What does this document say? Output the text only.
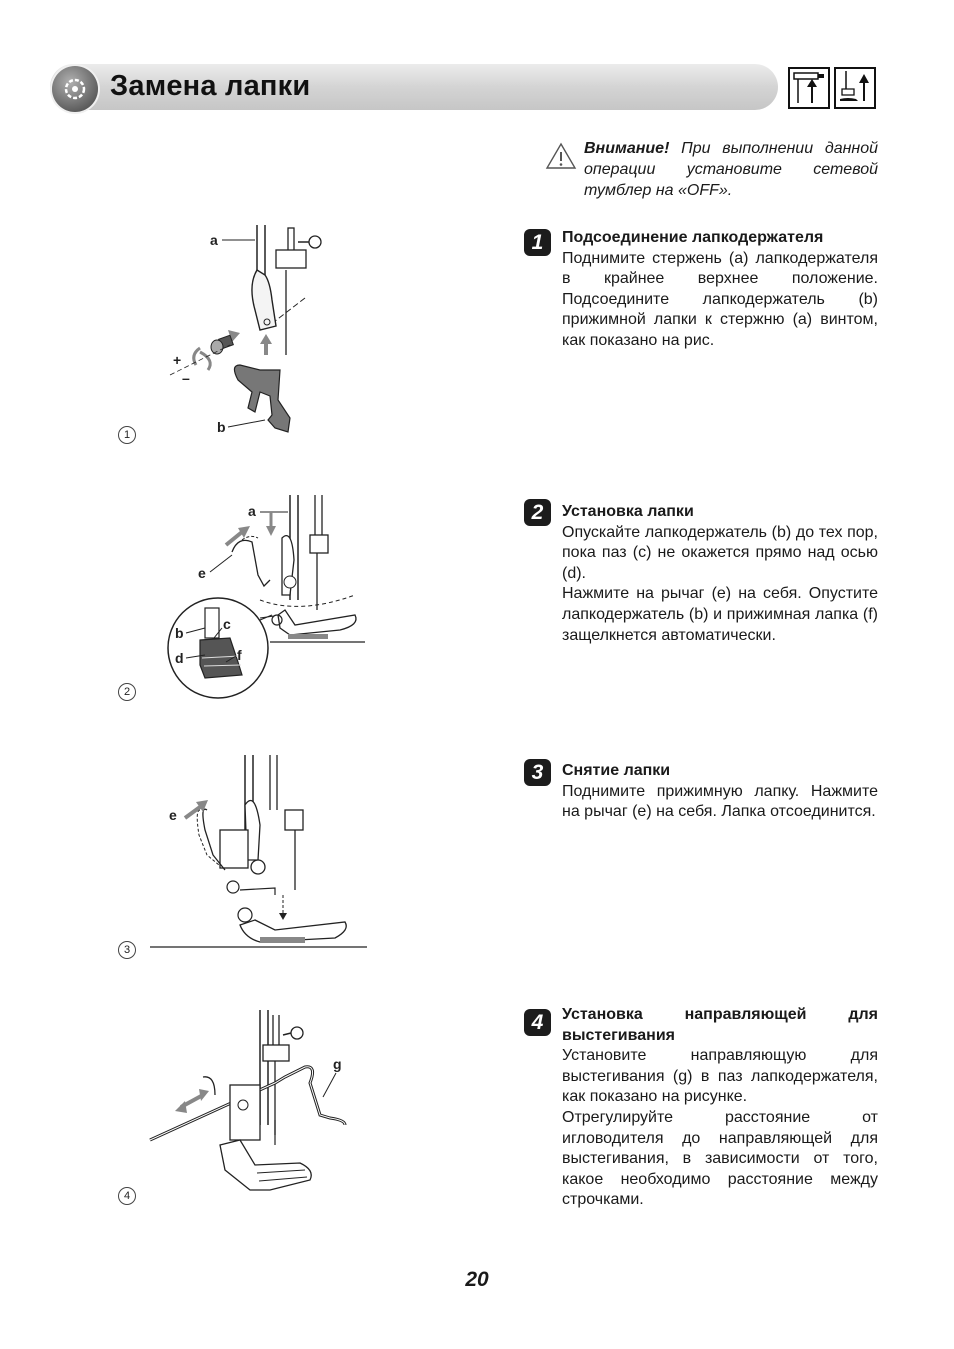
Замена лапки
Внимание! При выполнении данной операции установите сетевой тумблер на «OFF».
1	Подсоединение лапкодержателя

Поднимите стержень (a) лапкодержателя в крайнее верхнее положение. Подсоедините лапкодержатель (b) прижимной лапки к стержню (a) винтом, как показано на рис.

2	Установка лапки

Опускайте лапкодержатель (b) до тех пор, пока паз (c) не окажется прямо над осью (d).

Нажмите на рычаг (e) на себя. Опустите лапкодержатель (b) и прижимная лапка (f) защелкнется автоматически.

3	Снятие лапки

Поднимите прижимную лапку. Нажмите на рычаг (e) на себя. Лапка отсоединится.

4	Установка направляющей для выстегивания

Установите направляющую для выстегивания (g) в паз лапкодержателя, как показано на рисунке.

Отрегулируйте расстояние от игловодителя до направляющей для выстегивания, в зависимости от того, какое необходимо расстояние между строчками.

1
a
+
–
b
2
a
e
b
c
d	f
3
e
4
g
20
